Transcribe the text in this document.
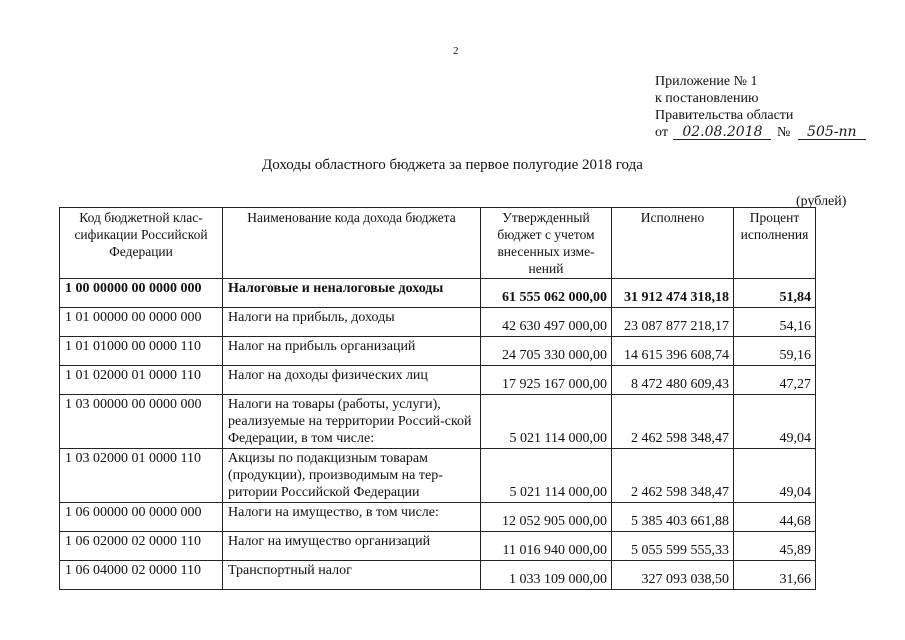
2
Приложение № 1
к постановлению
Правительства области
от 02.08.2018 № 505-пп
Доходы областного бюджета за первое полугодие 2018 года
(рублей)
Код бюджетной клас-сификации Российской Федерации	Наименование кода дохода бюджета	Утвержденный бюджет с учетом внесенных изме-нений	Исполнено	Процент исполнения
1 00 00000 00 0000 000	Налоговые и неналоговые доходы	61 555 062 000,00	31 912 474 318,18	51,84
1 01 00000 00 0000 000	Налоги на прибыль, доходы	42 630 497 000,00	23 087 877 218,17	54,16
1 01 01000 00 0000 110	Налог на прибыль организаций	24 705 330 000,00	14 615 396 608,74	59,16
1 01 02000 01 0000 110	Налог на доходы физических лиц	17 925 167 000,00	8 472 480 609,43	47,27
1 03 00000 00 0000 000	Налоги на товары (работы, услуги), реализуемые на территории Россий-ской Федерации, в том числе:	5 021 114 000,00	2 462 598 348,47	49,04
1 03 02000 01 0000 110	Акцизы по подакцизным товарам (продукции), производимым на тер-ритории Российской Федерации	5 021 114 000,00	2 462 598 348,47	49,04
1 06 00000 00 0000 000	Налоги на имущество, в том числе:	12 052 905 000,00	5 385 403 661,88	44,68
1 06 02000 02 0000 110	Налог на имущество организаций	11 016 940 000,00	5 055 599 555,33	45,89
1 06 04000 02 0000 110	Транспортный налог	1 033 109 000,00	327 093 038,50	31,66
